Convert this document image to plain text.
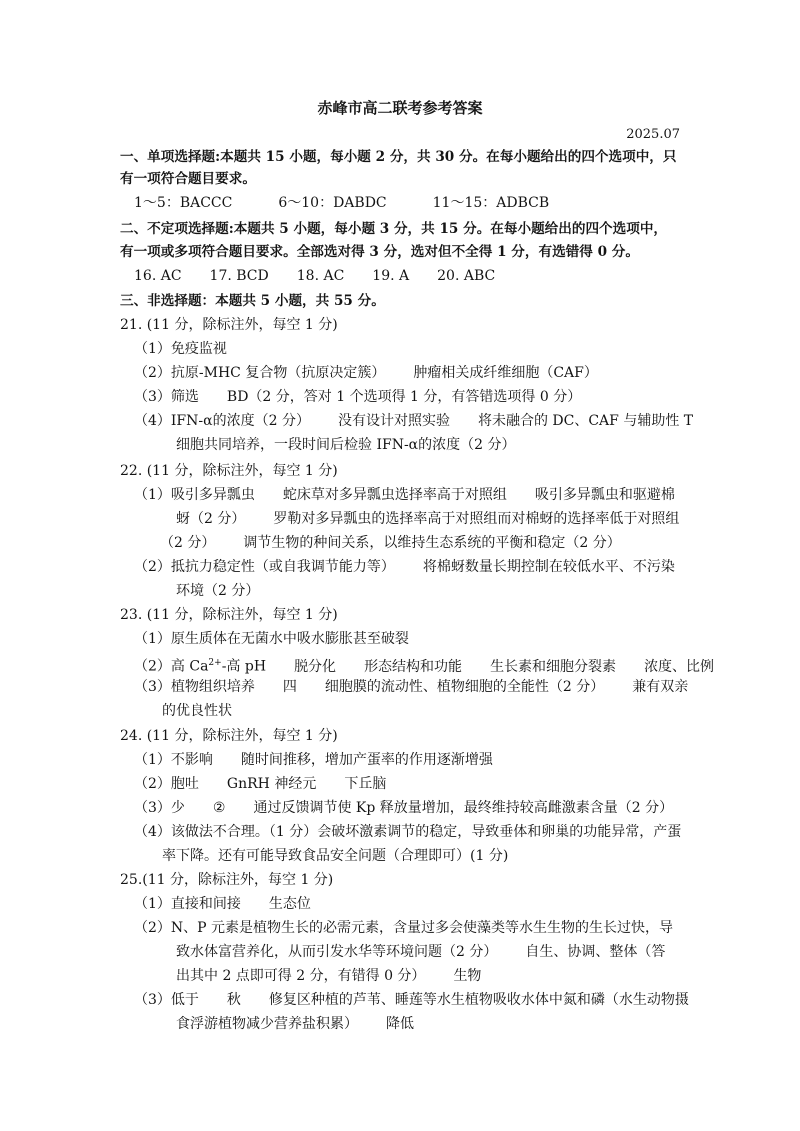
赤峰市高二联考参考答案
2025.07
一、单项选择题:本题共 15 小题，每小题 2 分，共 30 分。在每小题给出的四个选项中，只
有一项符合题目要求。
1～5：BACCC	6～10：DABDC	11～15：ADBCB
二、不定项选择题:本题共 5 小题，每小题 3 分，共 15 分。在每小题给出的四个选项中，
有一项或多项符合题目要求。全部选对得 3 分，选对但不全得 1 分，有选错得 0 分。
16. AC 17. BCD 18. AC 19. A 20. ABC
三、非选择题：本题共 5 小题，共 55 分。
21. (11 分，除标注外，每空 1 分)
（1）免疫监视
（2）抗原-MHC 复合物（抗原决定簇） 肿瘤相关成纤维细胞（CAF）
（3）筛选 BD（2 分，答对 1 个选项得 1 分，有答错选项得 0 分）
（4）IFN-α的浓度（2 分） 没有设计对照实验 将未融合的 DC、CAF 与辅助性 T
细胞共同培养，一段时间后检验 IFN-α的浓度（2 分）
22. (11 分，除标注外，每空 1 分)
（1）吸引多异瓢虫 蛇床草对多异瓢虫选择率高于对照组 吸引多异瓢虫和驱避棉
蚜（2 分） 罗勒对多异瓢虫的选择率高于对照组而对棉蚜的选择率低于对照组
（2 分） 调节生物的种间关系，以维持生态系统的平衡和稳定（2 分）
（2）抵抗力稳定性（或自我调节能力等） 将棉蚜数量长期控制在较低水平、不污染
环境（2 分）
23. (11 分，除标注外，每空 1 分)
（1）原生质体在无菌水中吸水膨胀甚至破裂
（2）高 $Ca^{2+}-$高 pH 脱分化 形态结构和功能 生长素和细胞分裂素 浓度、比例
（3）植物组织培养 四 细胞膜的流动性、植物细胞的全能性（2 分） 兼有双亲
的优良性状
24. (11 分，除标注外，每空 1 分)
（1）不影响 随时间推移，增加产蛋率的作用逐渐增强
（2）胞吐 GnRH 神经元 下丘脑
（3）少 ② 通过反馈调节使 Kp 释放量增加，最终维持较高雌激素含量（2 分）
（4）该做法不合理。（1 分）会破坏激素调节的稳定，导致垂体和卵巢的功能异常，产蛋
率下降。还有可能导致食品安全问题（合理即可）(1 分)
25.(11 分，除标注外，每空 1 分)
（1）直接和间接 生态位
（2）N、P 元素是植物生长的必需元素，含量过多会使藻类等水生生物的生长过快，导
致水体富营养化，从而引发水华等环境问题（2 分） 自生、协调、整体（答
出其中 2 点即可得 2 分，有错得 0 分） 生物
（3）低于 秋 修复区种植的芦苇、睡莲等水生植物吸收水体中氮和磷（水生动物摄
食浮游植物减少营养盐积累） 降低
